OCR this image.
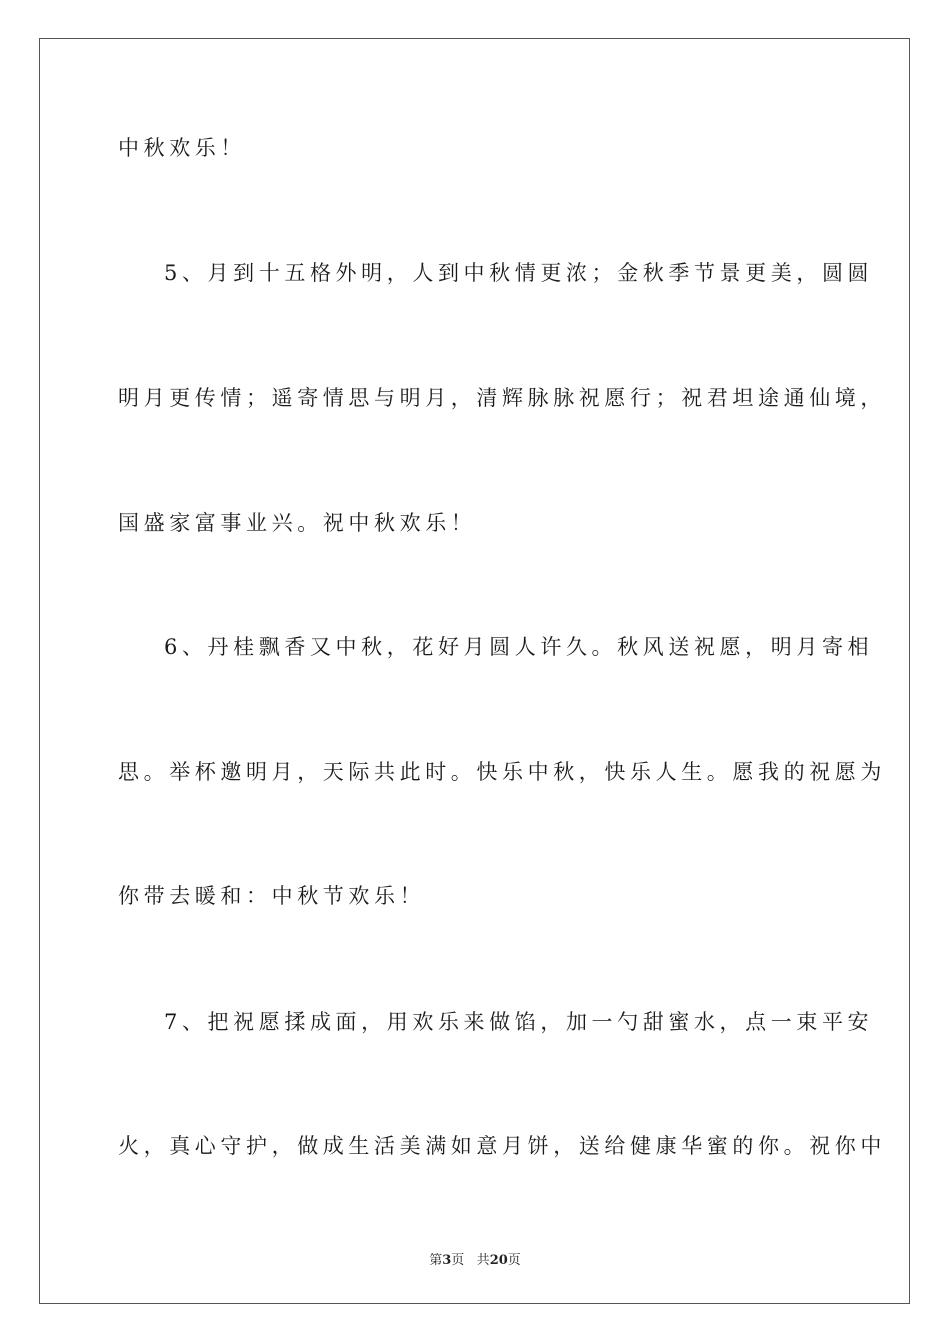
中秋欢乐！
5、月到十五格外明，人到中秋情更浓；金秋季节景更美，圆圆
明月更传情；遥寄情思与明月，清辉脉脉祝愿行；祝君坦途通仙境，
国盛家富事业兴。祝中秋欢乐！
6、丹桂飘香又中秋，花好月圆人许久。秋风送祝愿，明月寄相
思。举杯邀明月，天际共此时。快乐中秋，快乐人生。愿我的祝愿为
你带去暖和：中秋节欢乐！
7、把祝愿揉成面，用欢乐来做馅，加一勺甜蜜水，点一束平安
火，真心守护，做成生活美满如意月饼，送给健康华蜜的你。祝你中
第3页 共20页
